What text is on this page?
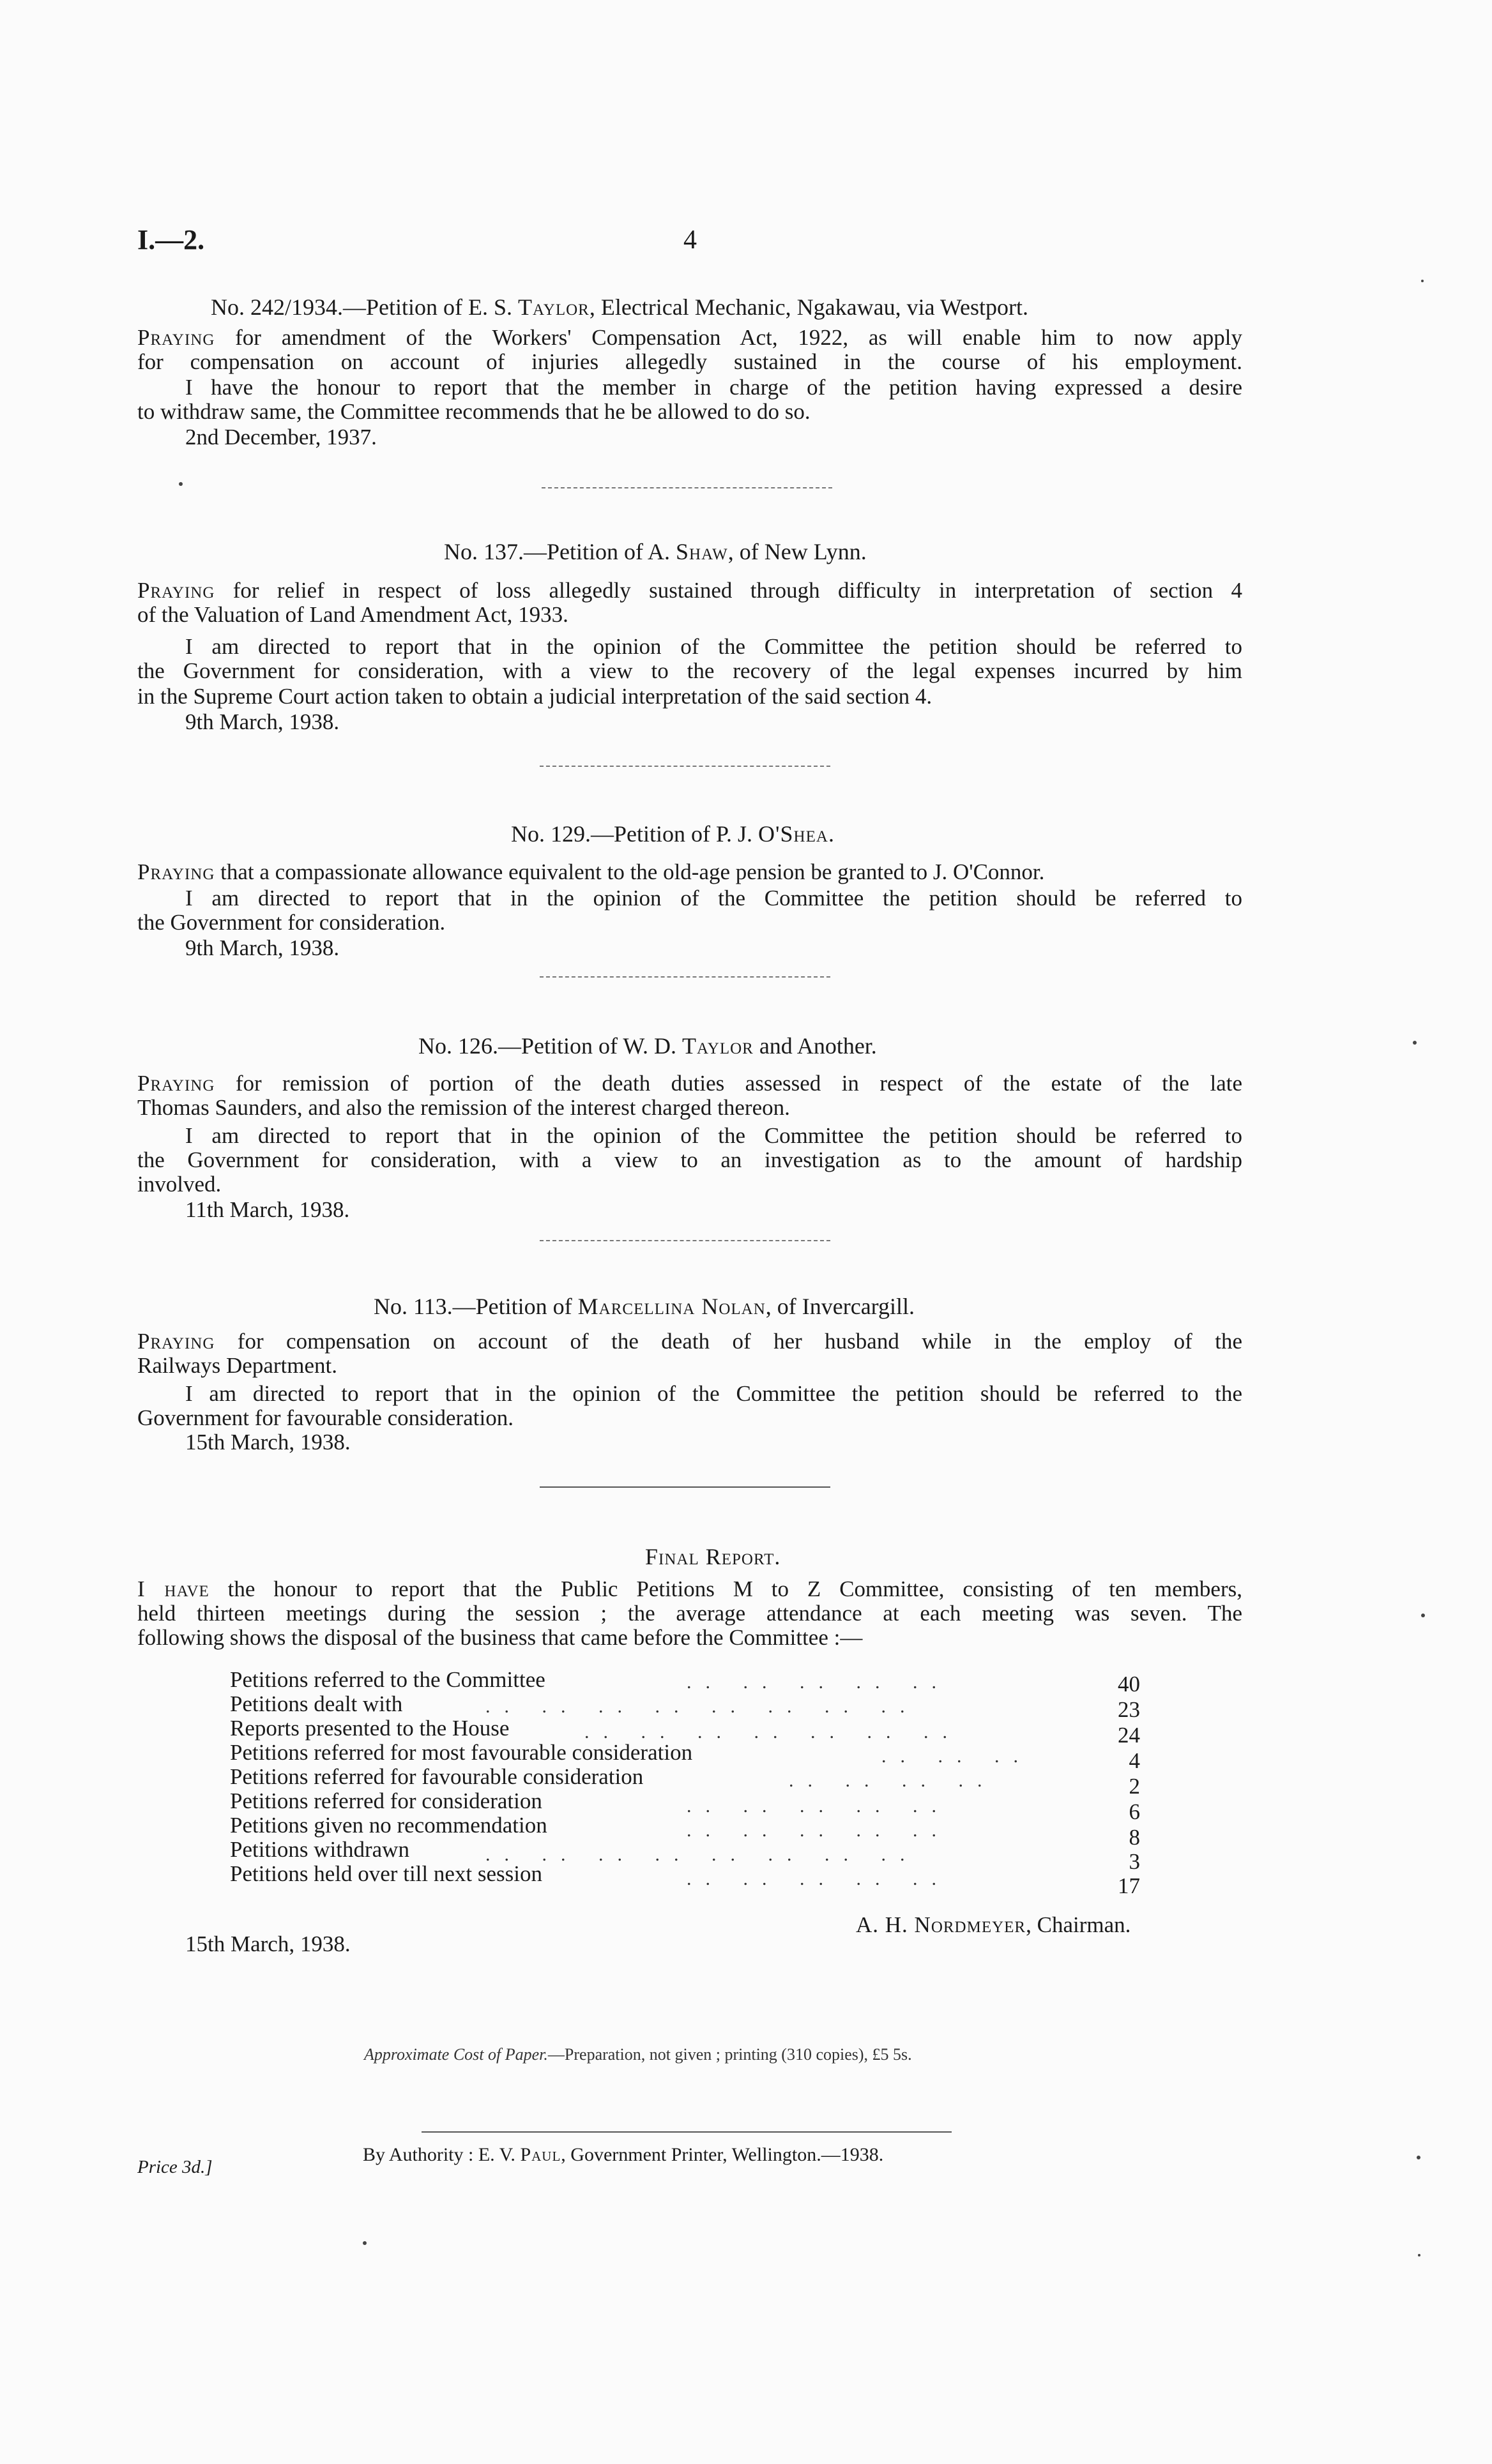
I.—2.	4
No. 242/1934.—Petition of E. S. Taylor, Electrical Mechanic, Ngakawau, via Westport.
Praying for amendment of the Workers' Compensation Act, 1922, as will enable him to now apply
for compensation on account of injuries allegedly sustained in the course of his employment.
I have the honour to report that the member in charge of the petition having expressed a desire
to withdraw same, the Committee recommends that he be allowed to do so.
2nd December, 1937.
No. 137.—Petition of A. Shaw, of New Lynn.
Praying for relief in respect of loss allegedly sustained through difficulty in interpretation of section 4
of the Valuation of Land Amendment Act, 1933.
I am directed to report that in the opinion of the Committee the petition should be referred to
the Government for consideration, with a view to the recovery of the legal expenses incurred by him
in the Supreme Court action taken to obtain a judicial interpretation of the said section 4.
9th March, 1938.
No. 129.—Petition of P. J. O'Shea.
Praying that a compassionate allowance equivalent to the old-age pension be granted to J. O'Connor.
I am directed to report that in the opinion of the Committee the petition should be referred to
the Government for consideration.
9th March, 1938.
No. 126.—Petition of W. D. Taylor and Another.
Praying for remission of portion of the death duties assessed in respect of the estate of the late
Thomas Saunders, and also the remission of the interest charged thereon.
I am directed to report that in the opinion of the Committee the petition should be referred to
the Government for consideration, with a view to an investigation as to the amount of hardship
involved.
11th March, 1938.
No. 113.—Petition of Marcellina Nolan, of Invercargill.
Praying for compensation on account of the death of her husband while in the employ of the
Railways Department.
I am directed to report that in the opinion of the Committee the petition should be referred to the
Government for favourable consideration.
15th March, 1938.
Final Report.
I have the honour to report that the Public Petitions M to Z Committee, consisting of ten members,
held thirteen meetings during the session ; the average attendance at each meeting was seven. The
following shows the disposal of the business that came before the Committee :—
Petitions referred to the Committee	.. .. .. .. ..	40
Petitions dealt with	.. .. .. .. .. .. .. ..	23
Reports presented to the House	.. .. .. .. .. .. ..	24
Petitions referred for most favourable consideration	.. .. ..	4
Petitions referred for favourable consideration	.. .. .. ..	2
Petitions referred for consideration	.. .. .. .. ..	6
Petitions given no recommendation	.. .. .. .. ..	8
Petitions withdrawn	.. .. .. .. .. .. .. ..	3
Petitions held over till next session	.. .. .. .. ..	17
A. H. Nordmeyer, Chairman.
15th March, 1938.
Approximate Cost of Paper.—Preparation, not given ; printing (310 copies), £5 5s.
Price 3d.]
By Authority : E. V. Paul, Government Printer, Wellington.—1938.
